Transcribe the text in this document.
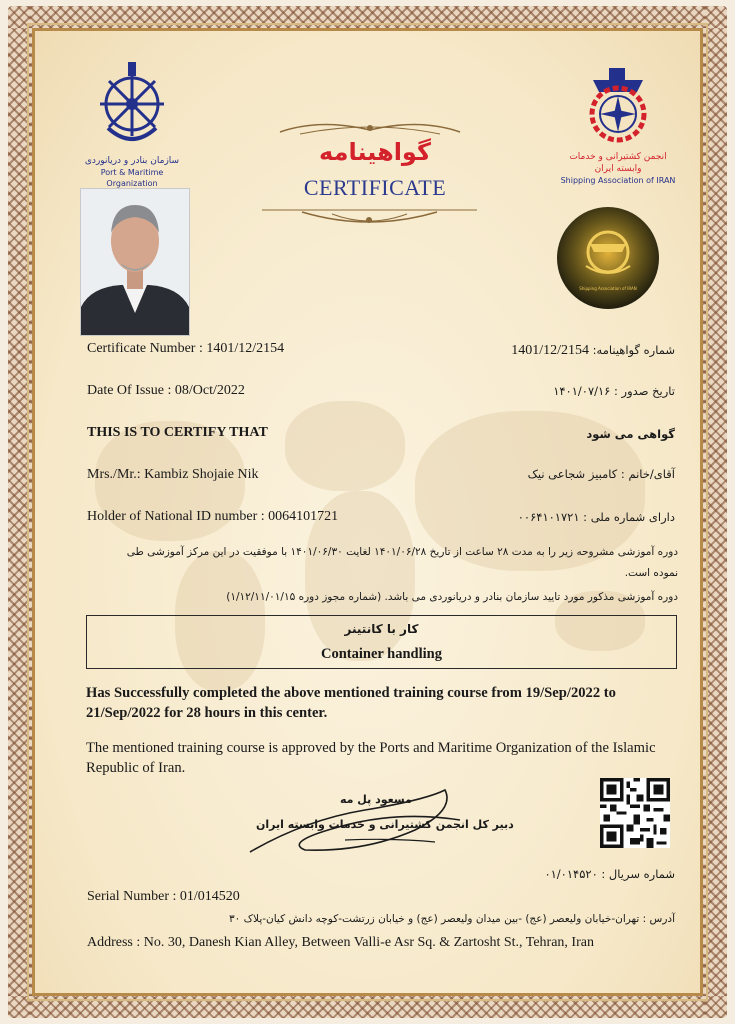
سازمان بنادر و دریانوردی
Port & Maritime Organization
انجمن کشتیرانی و خدمات وابسته ایران
Shipping Association of IRAN
گواهینامه
CERTIFICATE
Shipping Association of IRAN
Certificate Number : 1401/12/2154	شماره گواهینامه: 1401/12/2154
Date Of Issue : 08/Oct/2022	تاریخ صدور : ۱۴۰۱/۰۷/۱۶
THIS IS TO CERTIFY THAT	گواهی می شود
Mrs./Mr.: Kambiz Shojaie Nik	آقای/خانم : کامبیز شجاعی نیک
Holder of National ID number : 0064101721	دارای شماره ملی : ۰۰۶۴۱۰۱۷۲۱
دوره آموزشی مشروحه زیر را به مدت ۲۸ ساعت از تاریخ ۱۴۰۱/۰۶/۲۸ لغایت ۱۴۰۱/۰۶/۳۰ با موفقیت در این مرکز آموزشی طی
نموده است.
دوره آموزشی مذکور مورد تایید سازمان بنادر و دریانوردی می باشد. (شماره مجوز دوره ۱/۱۲/۱۱/۰۱/۱۵)
کار با کانتینر
Container handling
Has Successfully completed the above mentioned training course from 19/Sep/2022 to 21/Sep/2022 for 28 hours in this center.
The mentioned training course is approved by the Ports and Maritime Organization of the Islamic Republic of Iran.
مسعود پل مه
دبیر کل انجمن کشتیرانی و خدمات وابسته ایران
شماره سریال : ۰۱/۰۱۴۵۲۰
Serial Number : 01/014520
آدرس : تهران-خیابان ولیعصر (عج) -بین میدان ولیعصر (عج) و خیابان زرتشت-کوچه دانش کیان-پلاک ۳۰
Address : No. 30, Danesh Kian Alley, Between Valli-e Asr Sq. & Zartosht St., Tehran, Iran
